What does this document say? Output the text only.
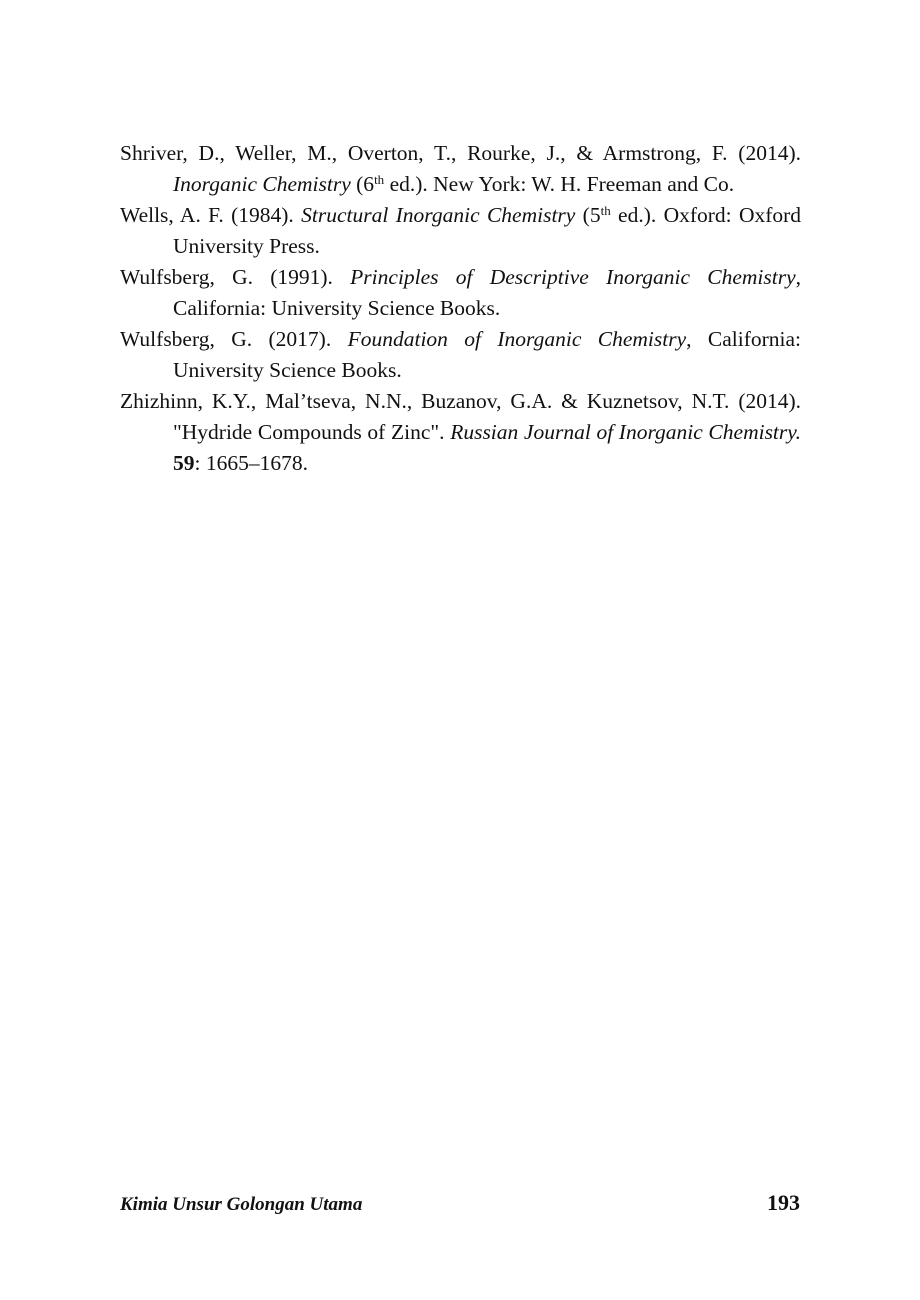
Shriver, D., Weller, M., Overton, T., Rourke, J., & Armstrong, F. (2014). Inorganic Chemistry (6th ed.). New York: W. H. Freeman and Co.

Wells, A. F. (1984). Structural Inorganic Chemistry (5th ed.). Oxford: Oxford University Press.

Wulfsberg, G. (1991). Principles of Descriptive Inorganic Chemistry, California: University Science Books.

Wulfsberg, G. (2017). Foundation of Inorganic Chemistry, California: University Science Books.

Zhizhinn, K.Y., Mal’tseva, N.N., Buzanov, G.A. & Kuznetsov, N.T. (2014). "Hydride Compounds of Zinc". Russian Journal of Inorganic Chemistry. 59: 1665–1678.

Kimia Unsur Golongan Utama	193
